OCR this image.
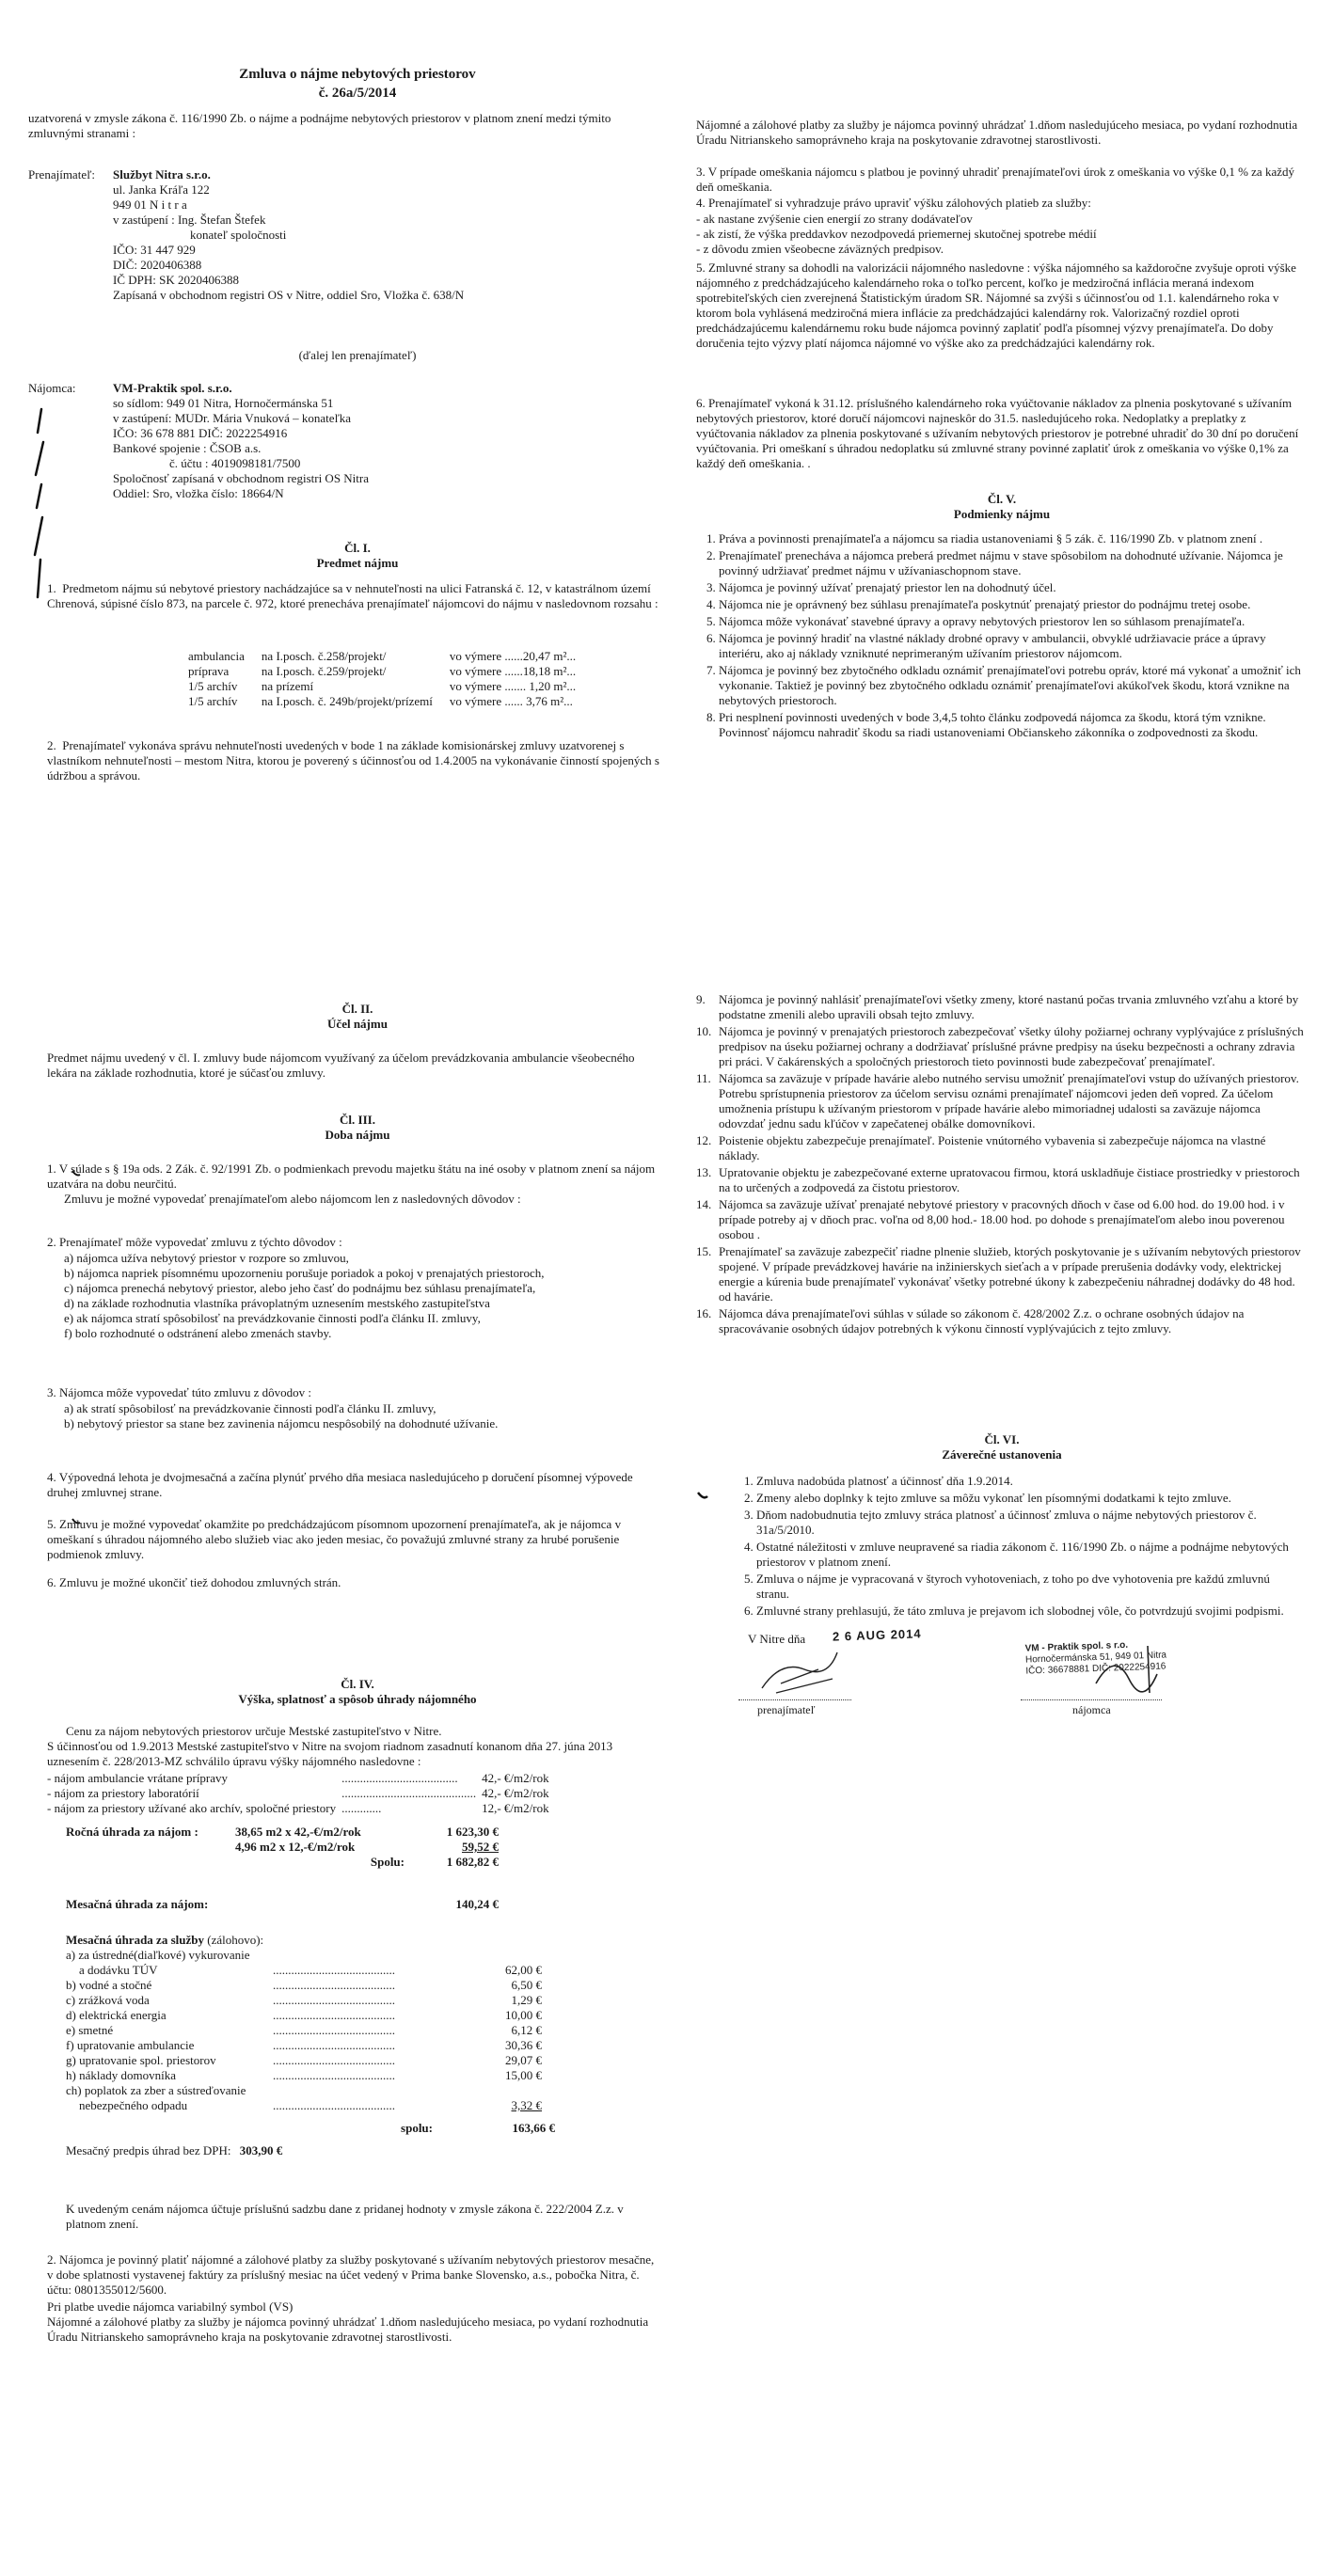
Zmluva o nájme nebytových priestorov
č. 26a/5/2014
uzatvorená v zmysle zákona č. 116/1990 Zb. o nájme a podnájme nebytových priestorov v platnom znení medzi týmito zmluvnými stranami :
Prenajímateľ:	Službyt Nitra s.r.o.
ul. Janka Kráľa 122
949 01 N i t r a
v zastúpení : Ing. Štefan Štefek
konateľ spoločnosti
IČO: 31 447 929
DIČ: 2020406388
IČ DPH: SK 2020406388
Zapísaná v obchodnom registri OS v Nitre, oddiel Sro, Vložka č. 638/N
(ďalej len prenajímateľ)
Nájomca:	VM-Praktik spol. s.r.o.
so sídlom: 949 01 Nitra, Hornočermánska 51
v zastúpení: MUDr. Mária Vnuková – konateľka
IČO: 36 678 881 DIČ: 2022254916
Bankové spojenie : ČSOB a.s.
č. účtu : 4019098181/7500
Spoločnosť zapísaná v obchodnom registri OS Nitra
Oddiel: Sro, vložka číslo: 18664/N
Čl. I.
Predmet nájmu
1.  Predmetom nájmu sú nebytové priestory nachádzajúce sa v nehnuteľnosti na ulici Fatranská č. 12, v katastrálnom území Chrenová, súpisné číslo 873, na parcele č. 972, ktoré prenecháva prenajímateľ nájomcovi do nájmu v nasledovnom rozsahu :
ambulancia	na I.posch. č.258/projekt/	vo výmere ......20,47 m²...
príprava	na I.posch. č.259/projekt/	vo výmere ......18,18 m²...
1/5 archív	na prízemí	vo výmere ....... 1,20 m²...
1/5 archív	na I.posch. č. 249b/projekt/prízemí	vo výmere ...... 3,76 m²...
2.  Prenajímateľ vykonáva správu nehnuteľnosti uvedených v bode 1 na základe komisionárskej zmluvy uzatvorenej s vlastníkom nehnuteľnosti – mestom Nitra, ktorou je poverený s účinnosťou od 1.4.2005 na vykonávanie činností spojených s údržbou a správou.
Nájomné a zálohové platby za služby je nájomca povinný uhrádzať 1.dňom nasledujúceho mesiaca, po vydaní rozhodnutia Úradu Nitrianskeho samoprávneho kraja na poskytovanie zdravotnej starostlivosti.
3. V prípade omeškania nájomcu s platbou je povinný uhradiť prenajímateľovi úrok z omeškania vo výške 0,1 % za každý deň omeškania.
4. Prenajímateľ si vyhradzuje právo upraviť výšku zálohových platieb za služby:
- ak nastane zvýšenie cien energií zo strany dodávateľov
- ak zistí, že výška preddavkov nezodpovedá priemernej skutočnej spotrebe médií
- z dôvodu zmien všeobecne záväzných predpisov.
5. Zmluvné strany sa dohodli na valorizácii nájomného nasledovne : výška nájomného sa každoročne zvyšuje oproti výške nájomného z predchádzajúceho kalendárneho roka o toľko percent, koľko je medziročná inflácia meraná indexom spotrebiteľských cien zverejnená Štatistickým úradom SR. Nájomné sa zvýši s účinnosťou od 1.1. kalendárneho roka v ktorom bola vyhlásená medziročná miera inflácie za predchádzajúci kalendárny rok. Valorizačný rozdiel oproti predchádzajúcemu kalendárnemu roku bude nájomca povinný zaplatiť podľa písomnej výzvy prenajímateľa. Do doby doručenia tejto výzvy platí nájomca nájomné vo výške ako za predchádzajúci kalendárny rok.
6. Prenajímateľ vykoná k 31.12. príslušného kalendárneho roka vyúčtovanie nákladov za plnenia poskytované s užívaním nebytových priestorov, ktoré doručí nájomcovi najneskôr do 31.5. nasledujúceho roka. Nedoplatky a preplatky z vyúčtovania nákladov za plnenia poskytované s užívaním nebytových priestorov je potrebné uhradiť do 30 dní po doručení vyúčtovania. Pri omeškaní s úhradou nedoplatku sú zmluvné strany povinné zaplatiť úrok z omeškania vo výške 0,1% za každý deň omeškania. .
Čl. V.
Podmienky nájmu
1. Práva a povinnosti prenajímateľa a nájomcu sa riadia ustanoveniami § 5 zák. č. 116/1990 Zb. v platnom znení .
2. Prenajímateľ prenecháva a nájomca preberá predmet nájmu v stave spôsobilom na dohodnuté užívanie. Nájomca je povinný udržiavať predmet nájmu v užívaniaschopnom stave.
3. Nájomca je povinný užívať prenajatý priestor len na dohodnutý účel.
4. Nájomca nie je oprávnený bez súhlasu prenajímateľa poskytnúť prenajatý priestor do podnájmu tretej osobe.
5. Nájomca môže vykonávať stavebné úpravy a opravy nebytových priestorov len so súhlasom prenajímateľa.
6. Nájomca je povinný hradiť na vlastné náklady drobné opravy v ambulancii, obvyklé udržiavacie práce a úpravy interiéru, ako aj náklady vzniknuté neprimeraným užívaním priestorov nájomcom.
7. Nájomca je povinný bez zbytočného odkladu oznámiť prenajímateľovi potrebu opráv, ktoré má vykonať a umožniť ich vykonanie. Taktiež je povinný bez zbytočného odkladu oznámiť prenajímateľovi akúkoľvek škodu, ktorá vznikne na nebytových priestoroch.
8. Pri nesplnení povinnosti uvedených v bode 3,4,5 tohto článku zodpovedá nájomca za škodu, ktorá tým vznikne. Povinnosť nájomcu nahradiť škodu sa riadi ustanoveniami Občianskeho zákonníka o zodpovednosti za škodu.
Čl. II.
Účel nájmu
Predmet nájmu uvedený v čl. I. zmluvy bude nájomcom využívaný za účelom prevádzkovania ambulancie všeobecného lekára na základe rozhodnutia, ktoré je súčasťou zmluvy.
Čl. III.
Doba nájmu
1. V súlade s § 19a ods. 2 Zák. č. 92/1991 Zb. o podmienkach prevodu majetku štátu na iné osoby v platnom znení sa nájom uzatvára na dobu neurčitú.
Zmluvu je možné vypovedať prenajímateľom alebo nájomcom len z nasledovných dôvodov :
2. Prenajímateľ môže vypovedať zmluvu z týchto dôvodov :
a) nájomca užíva nebytový priestor v rozpore so zmluvou,
b) nájomca napriek písomnému upozorneniu porušuje poriadok a pokoj v prenajatých priestoroch,
c) nájomca prenechá nebytový priestor, alebo jeho časť do podnájmu bez súhlasu prenajímateľa,
d) na základe rozhodnutia vlastníka právoplatným uznesením mestského zastupiteľstva
e) ak nájomca stratí spôsobilosť na prevádzkovanie činnosti podľa článku II. zmluvy,
f) bolo rozhodnuté o odstránení alebo zmenách stavby.
3. Nájomca môže vypovedať túto zmluvu z dôvodov :
a) ak stratí spôsobilosť na prevádzkovanie činnosti podľa článku II. zmluvy,
b) nebytový priestor sa stane bez zavinenia nájomcu nespôsobilý na dohodnuté užívanie.
4. Výpovedná lehota je dvojmesačná a začína plynúť prvého dňa mesiaca nasledujúceho p doručení písomnej výpovede druhej zmluvnej strane.
5. Zmluvu je možné vypovedať okamžite po predchádzajúcom písomnom upozornení prenajímateľa, ak je nájomca v omeškaní s úhradou nájomného alebo služieb viac ako jeden mesiac, čo považujú zmluvné strany za hrubé porušenie podmienok zmluvy.
6. Zmluvu je možné ukončiť tiež dohodou zmluvných strán.
Čl. IV.
Výška, splatnosť a spôsob úhrady nájomného
Cenu za nájom nebytových priestorov určuje Mestské zastupiteľstvo v Nitre.
S účinnosťou od 1.9.2013 Mestské zastupiteľstvo v Nitre na svojom riadnom zasadnutí konanom dňa 27. júna 2013 uznesením č. 228/2013-MZ schválilo úpravu výšky nájomného nasledovne :
- nájom ambulancie vrátane prípravy	......................................	42,- €/m2/rok
- nájom za priestory laboratórií	............................................	42,- €/m2/rok
- nájom za priestory užívané ako archív, spoločné priestory	.............	12,- €/m2/rok
Ročná úhrada za nájom :	38,65 m2 x 42,-€/m2/rok	1 623,30 €
4,96 m2 x 12,-€/m2/rok	59,52 €
Spolu:	1 682,82 €
Mesačná úhrada za nájom:	140,24 €
Mesačná úhrada za služby (zálohovo):
a) za ústredné(diaľkové) vykurovanie		
a dodávku TÚV	........................................	62,00 €
b) vodné a stočné	........................................	6,50 €
c) zrážková voda	........................................	1,29 €
d) elektrická energia	........................................	10,00 €
e) smetné	........................................	6,12 €
f) upratovanie ambulancie	........................................	30,36 €
g) upratovanie spol. priestorov	........................................	29,07 €
h) náklady domovníka	........................................	15,00 €
ch) poplatok za zber a sústreďovanie		
nebezpečného odpadu	........................................	3,32 €
spolu:	163,66 €
Mesačný predpis úhrad bez DPH: 303,90 €
K uvedeným cenám nájomca účtuje príslušnú sadzbu dane z pridanej hodnoty v zmysle zákona č. 222/2004 Z.z. v platnom znení.
2. Nájomca je povinný platiť nájomné a zálohové platby za služby poskytované s užívaním nebytových priestorov mesačne, v dobe splatnosti vystavenej faktúry za príslušný mesiac na účet vedený v Prima banke Slovensko, a.s., pobočka Nitra, č. účtu: 0801355012/5600.
Pri platbe uvedie nájomca variabilný symbol (VS)
Nájomné a zálohové platby za služby je nájomca povinný uhrádzať 1.dňom nasledujúceho mesiaca, po vydaní rozhodnutia Úradu Nitrianskeho samoprávneho kraja na poskytovanie zdravotnej starostlivosti.
9.	Nájomca je povinný nahlásiť prenajímateľovi všetky zmeny, ktoré nastanú počas trvania zmluvného vzťahu a ktoré by podstatne zmenili alebo upravili obsah tejto zmluvy.
10. Nájomca je povinný v prenajatých priestoroch zabezpečovať všetky úlohy požiarnej ochrany vyplývajúce z príslušných predpisov na úseku požiarnej ochrany a dodržiavať príslušné právne predpisy na úseku bezpečnosti a ochrany zdravia pri práci. V čakárenských a spoločných priestoroch tieto povinnosti bude zabezpečovať prenajímateľ.
11. Nájomca sa zaväzuje v prípade havárie alebo nutného servisu umožniť prenajímateľovi vstup do užívaných priestorov. Potrebu sprístupnenia priestorov za účelom servisu oznámi prenajímateľ nájomcovi jeden deň vopred. Za účelom umožnenia prístupu k užívaným priestorom v prípade havárie alebo mimoriadnej udalosti sa zaväzuje nájomca odovzdať jednu sadu kľúčov v zapečatenej obálke domovníkovi.
12. Poistenie objektu zabezpečuje prenajímateľ. Poistenie vnútorného vybavenia si zabezpečuje nájomca na vlastné náklady.
13. Upratovanie objektu je zabezpečované externe upratovacou firmou, ktorá uskladňuje čistiace prostriedky v priestoroch na to určených a zodpovedá za čistotu priestorov.
14. Nájomca sa zaväzuje užívať prenajaté nebytové priestory v pracovných dňoch v čase od 6.00 hod. do 19.00 hod. i v prípade potreby aj v dňoch prac. voľna od 8,00 hod.- 18.00 hod. po dohode s prenajímateľom alebo inou poverenou osobou .
15. Prenajímateľ sa zaväzuje zabezpečiť riadne plnenie služieb, ktorých poskytovanie je s užívaním nebytových priestorov spojené. V prípade prevádzkovej havárie na inžinierskych sieťach a v prípade prerušenia dodávky vody, elektrickej energie a kúrenia bude prenajímateľ vykonávať všetky potrebné úkony k zabezpečeniu náhradnej dodávky do 48 hod. od havárie.
16. Nájomca dáva prenajímateľovi súhlas v súlade so zákonom č. 428/2002 Z.z. o ochrane osobných údajov na spracovávanie osobných údajov potrebných k výkonu činností vyplývajúcich z tejto zmluvy.
Čl. VI.
Záverečné ustanovenia
1. Zmluva nadobúda platnosť a účinnosť dňa 1.9.2014.
2. Zmeny alebo doplnky k tejto zmluve sa môžu vykonať len písomnými dodatkami k tejto zmluve.
3. Dňom nadobudnutia tejto zmluvy stráca platnosť a účinnosť zmluva o nájme nebytových priestorov č. 31a/5/2010.
4. Ostatné náležitosti v zmluve neupravené sa riadia zákonom č. 116/1990 Zb. o nájme a podnájme nebytových priestorov v platnom znení.
5. Zmluva o nájme je vypracovaná v štyroch vyhotoveniach, z toho po dve vyhotovenia pre každú zmluvnú stranu.
6. Zmluvné strany prehlasujú, že táto zmluva je prejavom ich slobodnej vôle, čo potvrdzujú svojimi podpismi.
V Nitre dňa 2 6 AUG 2014
prenajímateľ
VM - Praktik spol. s r.o.
Hornočermánska 51, 949 01 Nitra
IČO: 36678881 DIČ: 2022254916
nájomca
